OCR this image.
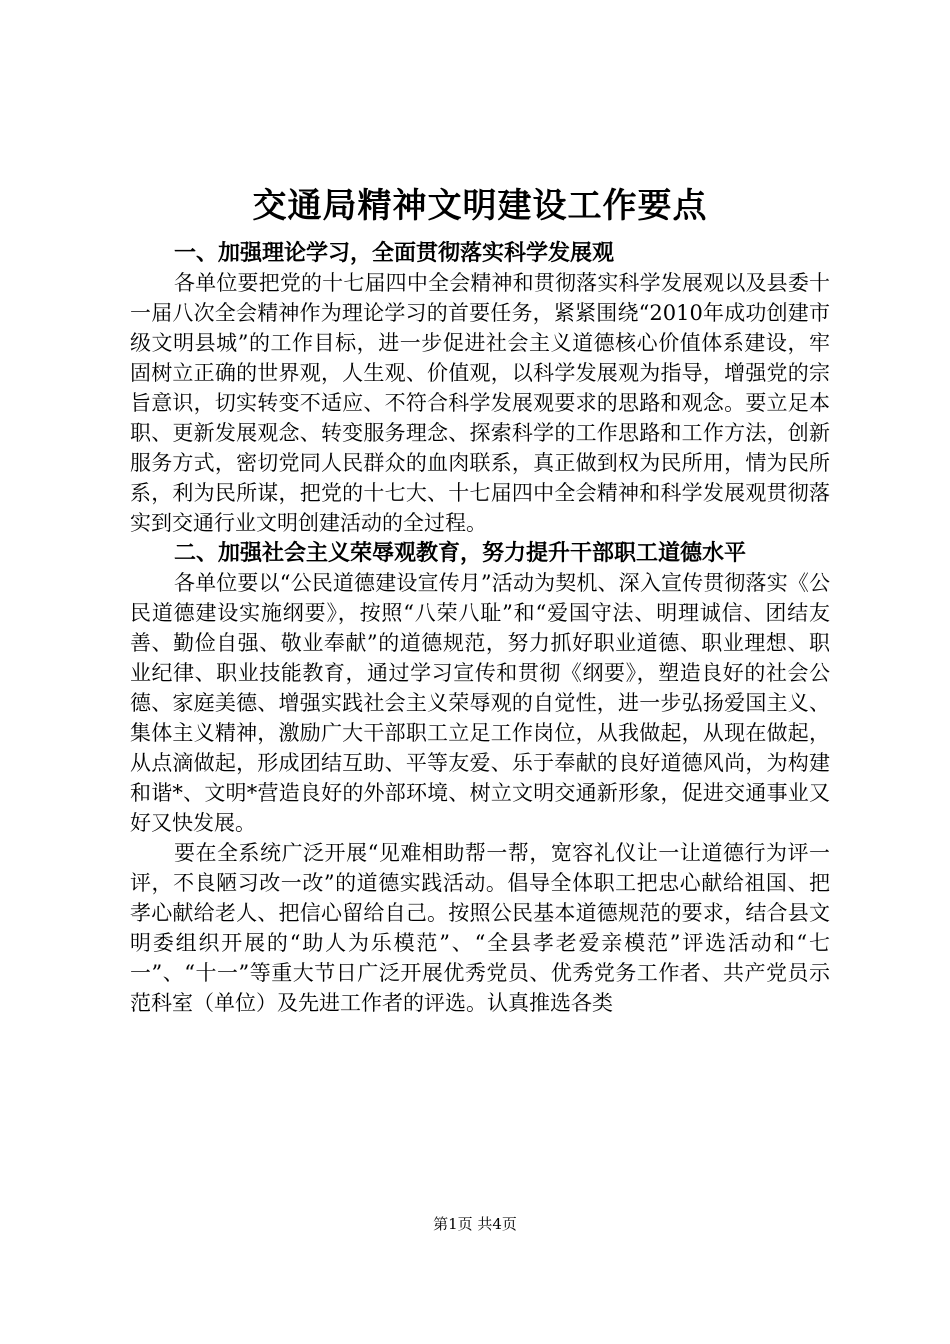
交通局精神文明建设工作要点
一、加强理论学习，全面贯彻落实科学发展观

各单位要把党的十七届四中全会精神和贯彻落实科学发展观以及县委十一届八次全会精神作为理论学习的首要任务，紧紧围绕“2010年成功创建市级文明县城”的工作目标，进一步促进社会主义道德核心价值体系建设，牢固树立正确的世界观，人生观、价值观，以科学发展观为指导，增强党的宗旨意识，切实转变不适应、不符合科学发展观要求的思路和观念。要立足本职、更新发展观念、转变服务理念、探索科学的工作思路和工作方法，创新服务方式，密切党同人民群众的血肉联系，真正做到权为民所用，情为民所系，利为民所谋，把党的十七大、十七届四中全会精神和科学发展观贯彻落实到交通行业文明创建活动的全过程。

二、加强社会主义荣辱观教育，努力提升干部职工道德水平

各单位要以“公民道德建设宣传月”活动为契机、深入宣传贯彻落实《公民道德建设实施纲要》，按照“八荣八耻”和“爱国守法、明理诚信、团结友善、勤俭自强、敬业奉献”的道德规范，努力抓好职业道德、职业理想、职业纪律、职业技能教育，通过学习宣传和贯彻《纲要》，塑造良好的社会公德、家庭美德、增强实践社会主义荣辱观的自觉性，进一步弘扬爱国主义、集体主义精神，激励广大干部职工立足工作岗位，从我做起，从现在做起，从点滴做起，形成团结互助、平等友爱、乐于奉献的良好道德风尚，为构建和谐*、文明*营造良好的外部环境、树立文明交通新形象，促进交通事业又好又快发展。

要在全系统广泛开展“见难相助帮一帮，宽容礼仪让一让道德行为评一评，不良陋习改一改”的道德实践活动。倡导全体职工把忠心献给祖国、把孝心献给老人、把信心留给自己。按照公民基本道德规范的要求，结合县文明委组织开展的“助人为乐模范”、“全县孝老爱亲模范”评选活动和“七一”、“十一”等重大节日广泛开展优秀党员、优秀党务工作者、共产党员示范科室（单位）及先进工作者的评选。认真推选各类

第1页 共4页
